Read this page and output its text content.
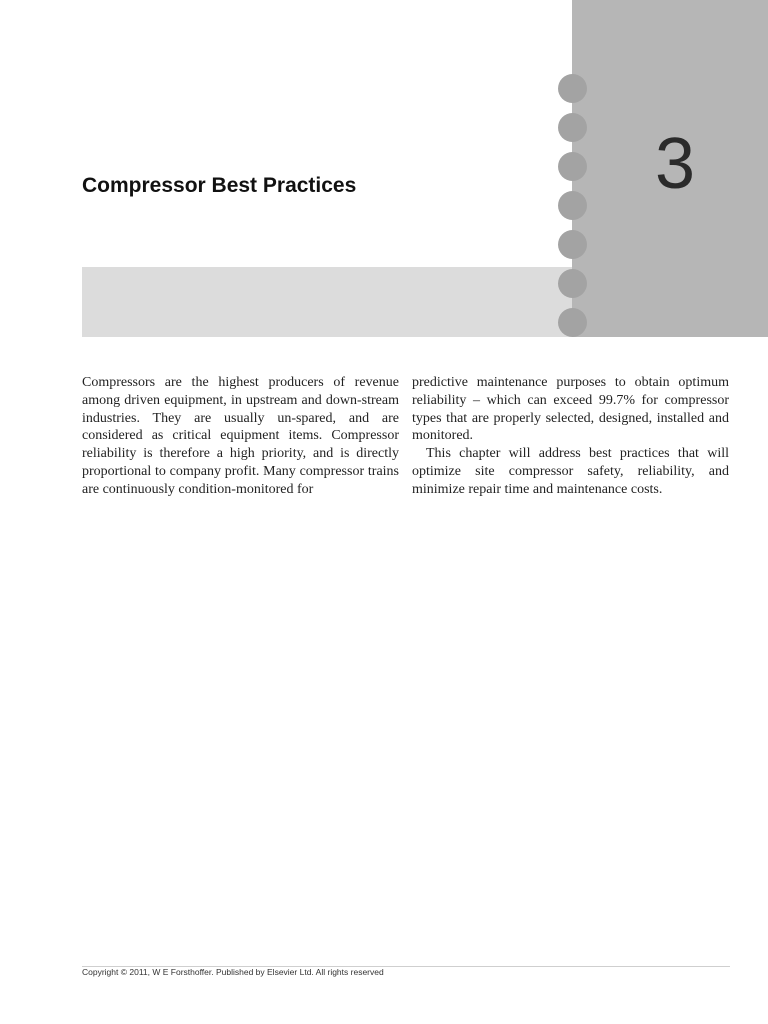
3
Compressor Best Practices

Compressors are the highest producers of revenue among driven equipment, in upstream and down-stream industries. They are usually un-spared, and are considered as critical equipment items. Compressor reliability is therefore a high priority, and is directly proportional to company profit. Many compressor trains are continuously condition-monitored for

predictive maintenance purposes to obtain optimum reliability – which can exceed 99.7% for compressor types that are properly selected, designed, installed and monitored.

This chapter will address best practices that will optimize site compressor safety, reliability, and minimize repair time and maintenance costs.

Copyright © 2011, W E Forsthoffer. Published by Elsevier Ltd. All rights reserved
